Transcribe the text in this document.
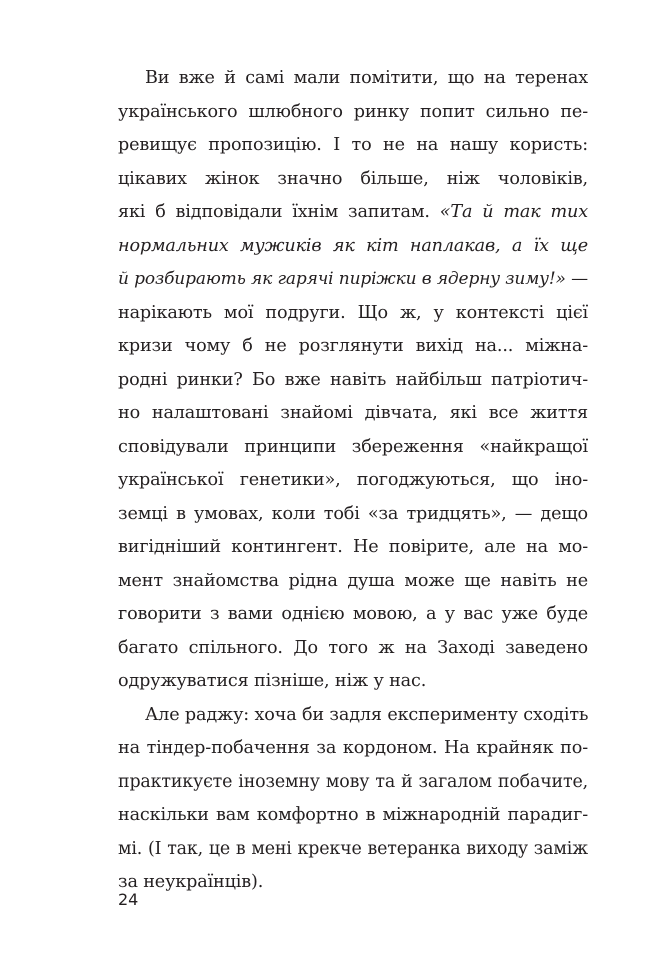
Ви вже й самі мали помітити, що на теренах
українського шлюбного ринку попит сильно пе-
ревищує пропозицію. І то не на нашу користь:
цікавих жінок значно більше, ніж чоловіків,
які б відповідали їхнім запитам. «Та й так тих
нормальних мужиків як кіт наплакав, а їх ще
й розбирають як гарячі пиріжки в ядерну зиму!» —
нарікають мої подруги. Що ж, у контексті цієї
кризи чому б не розглянути вихід на... міжна-
родні ринки? Бо вже навіть найбільш патріотич-
но налаштовані знайомі дівчата, які все життя
сповідували принципи збереження «найкращої
української генетики», погоджуються, що іно-
земці в умовах, коли тобі «за тридцять», — дещо
вигідніший контингент. Не повірите, але на мо-
мент знайомства рідна душа може ще навіть не
говорити з вами однією мовою, а у вас уже буде
багато спільного. До того ж на Заході заведено
одружуватися пізніше, ніж у нас.
Але раджу: хоча би задля експерименту сходіть
на тіндер-побачення за кордоном. На крайняк по-
практикуєте іноземну мову та й загалом побачите,
наскільки вам комфортно в міжнародній парадиг-
мі. (І так, це в мені крекче ветеранка виходу заміж
за неукраїнців).
24
